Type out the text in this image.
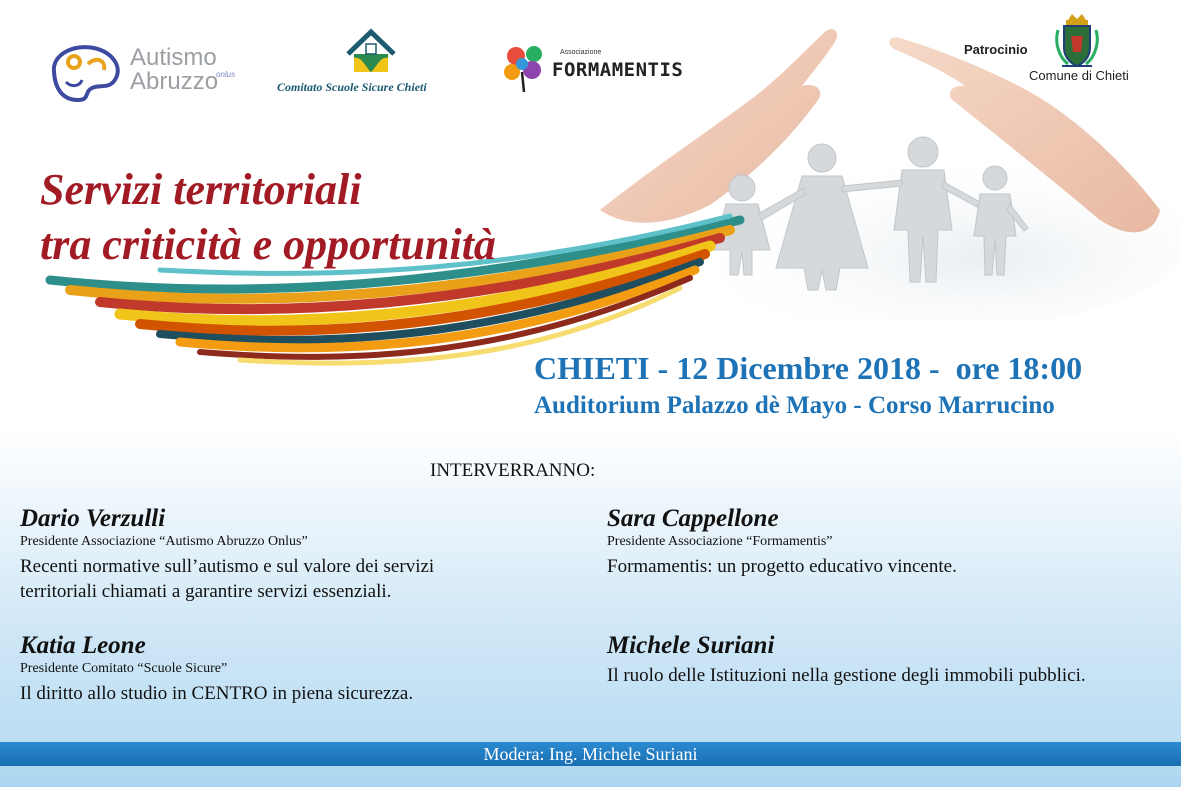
Autismo
Abruzzo
onlus
Comitato Scuole Sicure Chieti
Associazione
FORMAMENTIS
Patrocinio
Comune di Chieti
Servizi territoriali
tra criticità e opportunità
CHIETI - 12 Dicembre 2018 -  ore 18:00
Auditorium Palazzo dè Mayo - Corso Marrucino
INTERVERRANNO:
Dario Verzulli
Presidente Associazione “Autismo Abruzzo Onlus”
Recenti normative sull’autismo e sul valore dei servizi
territoriali chiamati a garantire servizi essenziali.
Katia Leone
Presidente Comitato “Scuole Sicure”
Il diritto allo studio in CENTRO in piena sicurezza.
Sara Cappellone
Presidente Associazione “Formamentis”
Formamentis: un progetto educativo vincente.
Michele Suriani
Il ruolo delle Istituzioni nella gestione degli immobili pubblici.
Modera: Ing. Michele Suriani
